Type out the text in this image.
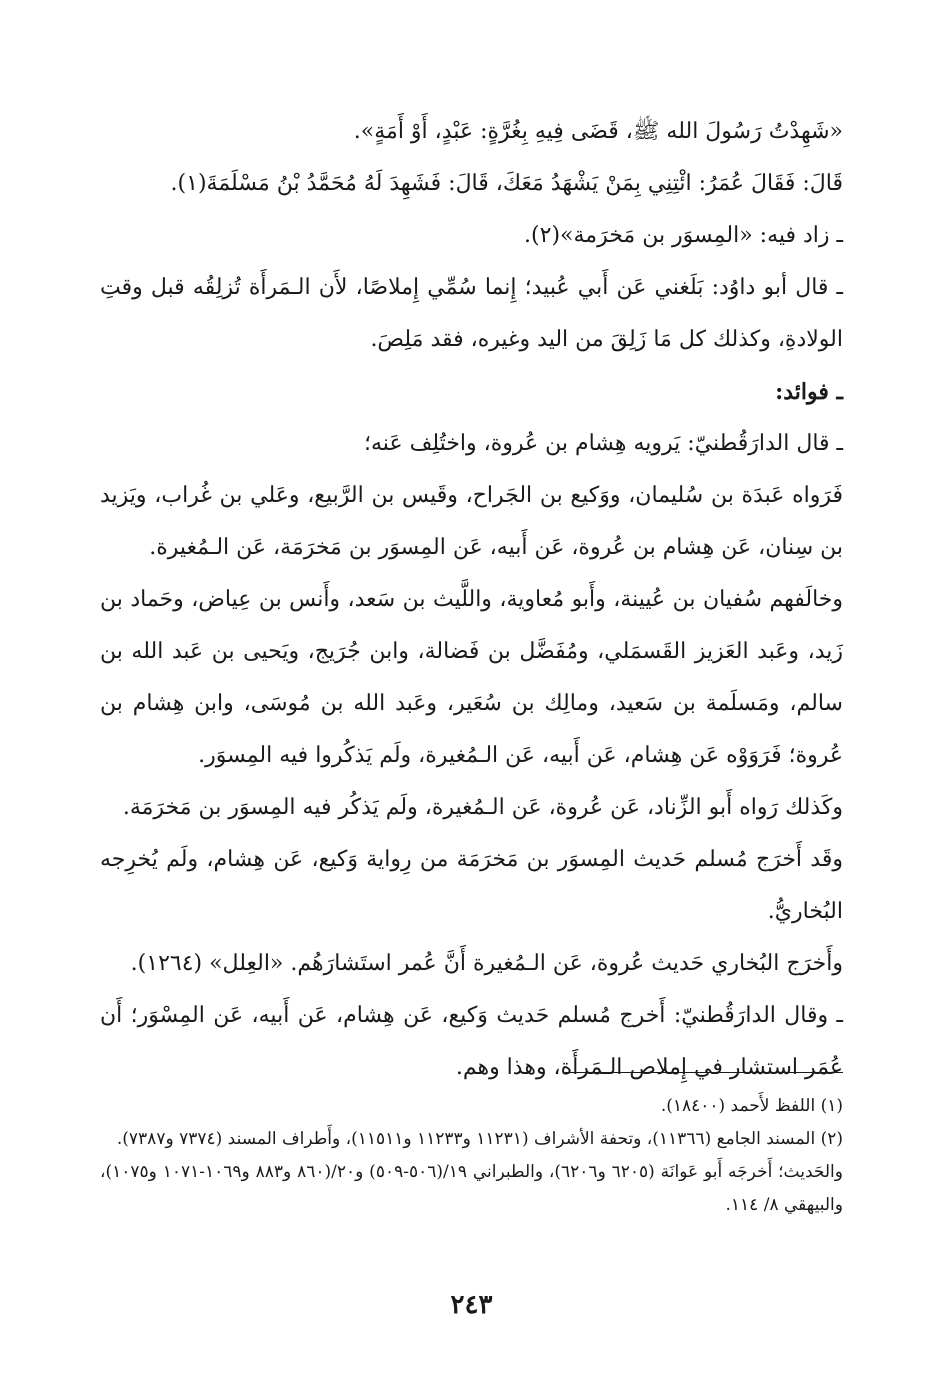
«شَهِدْتُ رَسُولَ الله ﷺ، قَضَى فِيهِ بِغُرَّةٍ: عَبْدٍ، أَوْ أَمَةٍ».

قَالَ: فَقَالَ عُمَرُ: ائْتِنِي بِمَنْ يَشْهَدُ مَعَكَ، قَالَ: فَشَهِدَ لَهُ مُحَمَّدُ بْنُ مَسْلَمَةَ(١).

ـ زاد فيه: «المِسوَر بن مَخرَمة»(٢).

ـ قال أبو داوُد: بَلَغني عَن أَبي عُبيد؛ إِنما سُمِّي إِملاصًا، لأَن الـمَرأَة تُزلِقُه قبل وقتِ الولادةِ، وكذلك كل مَا زَلِقَ من اليد وغيره، فقد مَلِصَ.

ـ فوائد:

ـ قال الدارَقُطنيّ: يَرويه هِشام بن عُروة، واختُلِف عَنه؛

فَرَواه عَبدَة بن سُليمان، ووَكيع بن الجَراح، وقَيس بن الرَّبيع، وعَلي بن غُراب، ويَزيد بن سِنان، عَن هِشام بن عُروة، عَن أَبيه، عَن المِسوَر بن مَخرَمَة، عَن الـمُغيرة.

وخالَفهم سُفيان بن عُيينة، وأَبو مُعاوية، واللَّيث بن سَعد، وأَنس بن عِياض، وحَماد بن زَيد، وعَبد العَزيز القَسمَلي، ومُفَضَّل بن فَضالة، وابن جُرَيج، ويَحيى بن عَبد الله بن سالم، ومَسلَمة بن سَعيد، ومالِك بن سُعَير، وعَبد الله بن مُوسَى، وابن هِشام بن عُروة؛ فَرَوَوْه عَن هِشام، عَن أَبيه، عَن الـمُغيرة، ولَم يَذكُروا فيه المِسوَر.

وكَذلك رَواه أَبو الزِّناد، عَن عُروة، عَن الـمُغيرة، ولَم يَذكُر فيه المِسوَر بن مَخرَمَة.

وقَد أَخرَج مُسلم حَديث المِسوَر بن مَخرَمَة من رِواية وَكيع، عَن هِشام، ولَم يُخرِجه البُخاريُّ.

وأَخرَج البُخاري حَديث عُروة، عَن الـمُغيرة أَنَّ عُمر استَشارَهُم. «العِلل» (١٢٦٤).

ـ وقال الدارَقُطنيّ: أَخرج مُسلم حَديث وَكيع، عَن هِشام، عَن أَبيه، عَن المِسْوَر؛ أَن عُمَر استشار في إِملاص الـمَرأَة، وهذا وهم.

(١) اللفظ لأَحمد (١٨٤٠٠).

(٢) المسند الجامع (١١٣٦٦)، وتحفة الأشراف (١١٢٣١ و١١٢٣٣ و١١٥١١)، وأَطراف المسند (٧٣٧٤ و٧٣٨٧).

والحَديث؛ أَخرجَه أَبو عَوانَة (٦٢٠٥ و٦٢٠٦)، والطبراني ١٩/(٥٠٦-٥٠٩) و٢٠/(٨٦٠ و٨٨٣ و١٠٦٩-١٠٧١ و١٠٧٥)، والبيهقي ٨/ ١١٤.

٢٤٣
